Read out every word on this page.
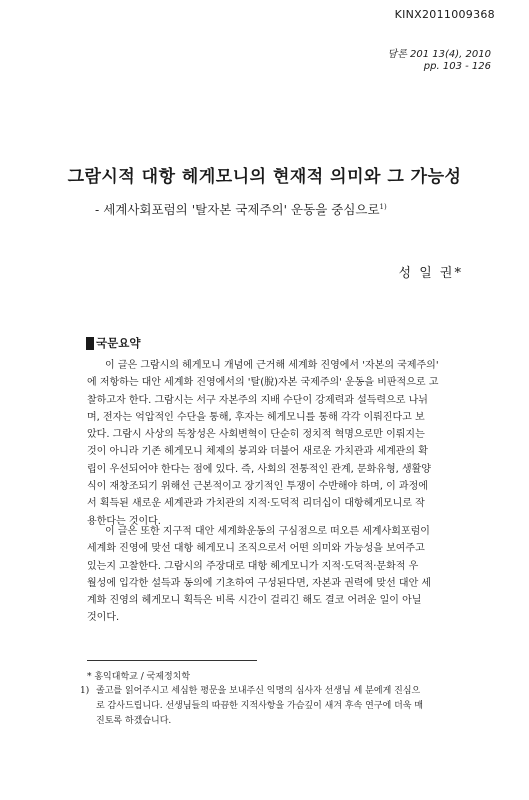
KINX2011009368
담론 201 13(4), 2010
pp. 103 - 126
그람시적 대항 헤게모니의 현재적 의미와 그 가능성
- 세계사회포럼의 '탈자본 국제주의' 운동을 중심으로$^{1)}$
성 일 권*
국문요약
이 글은 그람시의 헤게모니 개념에 근거해 세계화 진영에서 '자본의 국제주의'
에 저항하는 대안 세계화 진영에서의 '탈(脫)자본 국제주의' 운동을 비판적으로 고
찰하고자 한다. 그람시는 서구 자본주의 지배 수단이 강제력과 설득력으로 나뉘
며, 전자는 억압적인 수단을 통해, 후자는 헤게모니를 통해 각각 이뤄진다고 보
았다. 그람시 사상의 독창성은 사회변혁이 단순히 정치적 혁명으로만 이뤄지는
것이 아니라 기존 헤게모니 체제의 붕괴와 더불어 새로운 가치관과 세계관의 확
립이 우선되어야 한다는 점에 있다. 즉, 사회의 전통적인 관계, 문화유형, 생활양
식이 재창조되기 위해선 근본적이고 장기적인 투쟁이 수반해야 하며, 이 과정에
서 획득된 새로운 세계관과 가치관의 지적·도덕적 리더십이 대항헤게모니로 작
용한다는 것이다.
이 글은 또한 지구적 대안 세계화운동의 구심점으로 떠오른 세계사회포럼이
세계화 진영에 맞선 대항 헤게모니 조직으로서 어떤 의미와 가능성을 보여주고
있는지 고찰한다. 그람시의 주장대로 대항 헤게모니가 지적·도덕적·문화적 우
월성에 입각한 설득과 동의에 기초하여 구성된다면, 자본과 권력에 맞선 대안 세
계화 진영의 헤게모니 획득은 비록 시간이 걸리긴 해도 결코 어려운 일이 아닐
것이다.
* 홍익대학교 / 국제정치학
1) 졸고를 읽어주시고 세심한 평문을 보내주신 익명의 심사자 선생님 세 분에게 진심으
로 감사드립니다. 선생님들의 따끔한 지적사항을 가슴깊이 새겨 후속 연구에 더욱 매
진토록 하겠습니다.
